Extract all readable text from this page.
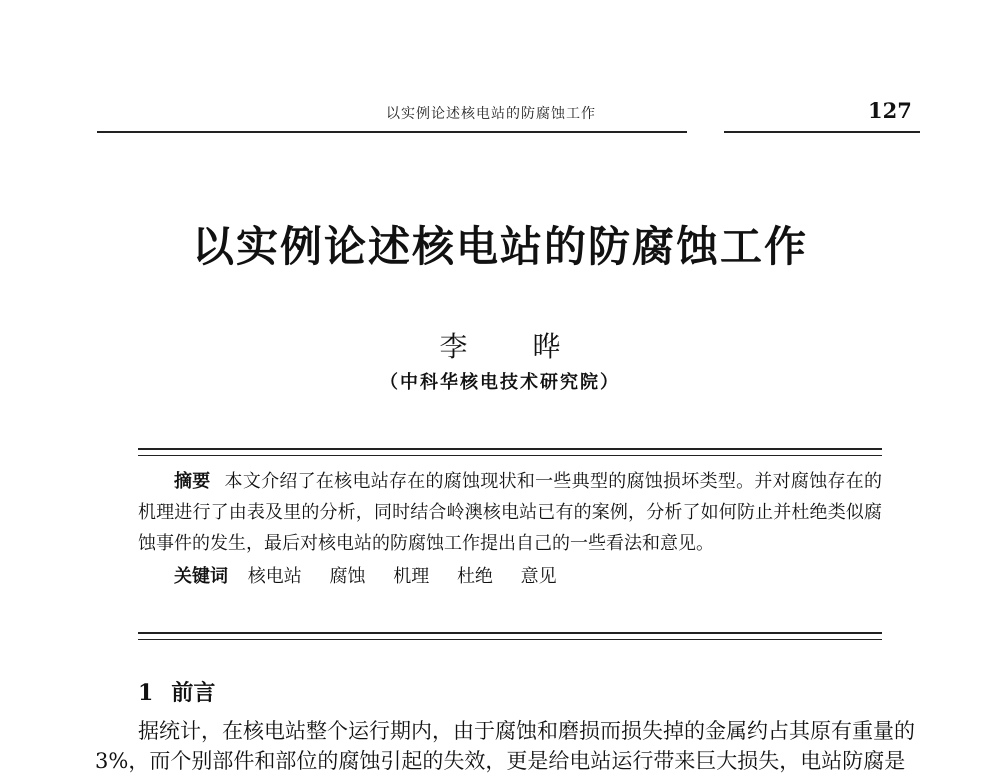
以实例论述核电站的防腐蚀工作	127
以实例论述核电站的防腐蚀工作
李 晔
（中科华核电技术研究院）

摘要 本文介绍了在核电站存在的腐蚀现状和一些典型的腐蚀损坏类型。并对腐蚀存在的机理进行了由表及里的分析，同时结合岭澳核电站已有的案例，分析了如何防止并杜绝类似腐蚀事件的发生，最后对核电站的防腐蚀工作提出自己的一些看法和意见。

关键词 核电站 腐蚀 机理 杜绝 意见
1 前言

据统计，在核电站整个运行期内，由于腐蚀和磨损而损失掉的金属约占其原有重量的

3%，而个别部件和部位的腐蚀引起的失效，更是给电站运行带来巨大损失，电站防腐是
